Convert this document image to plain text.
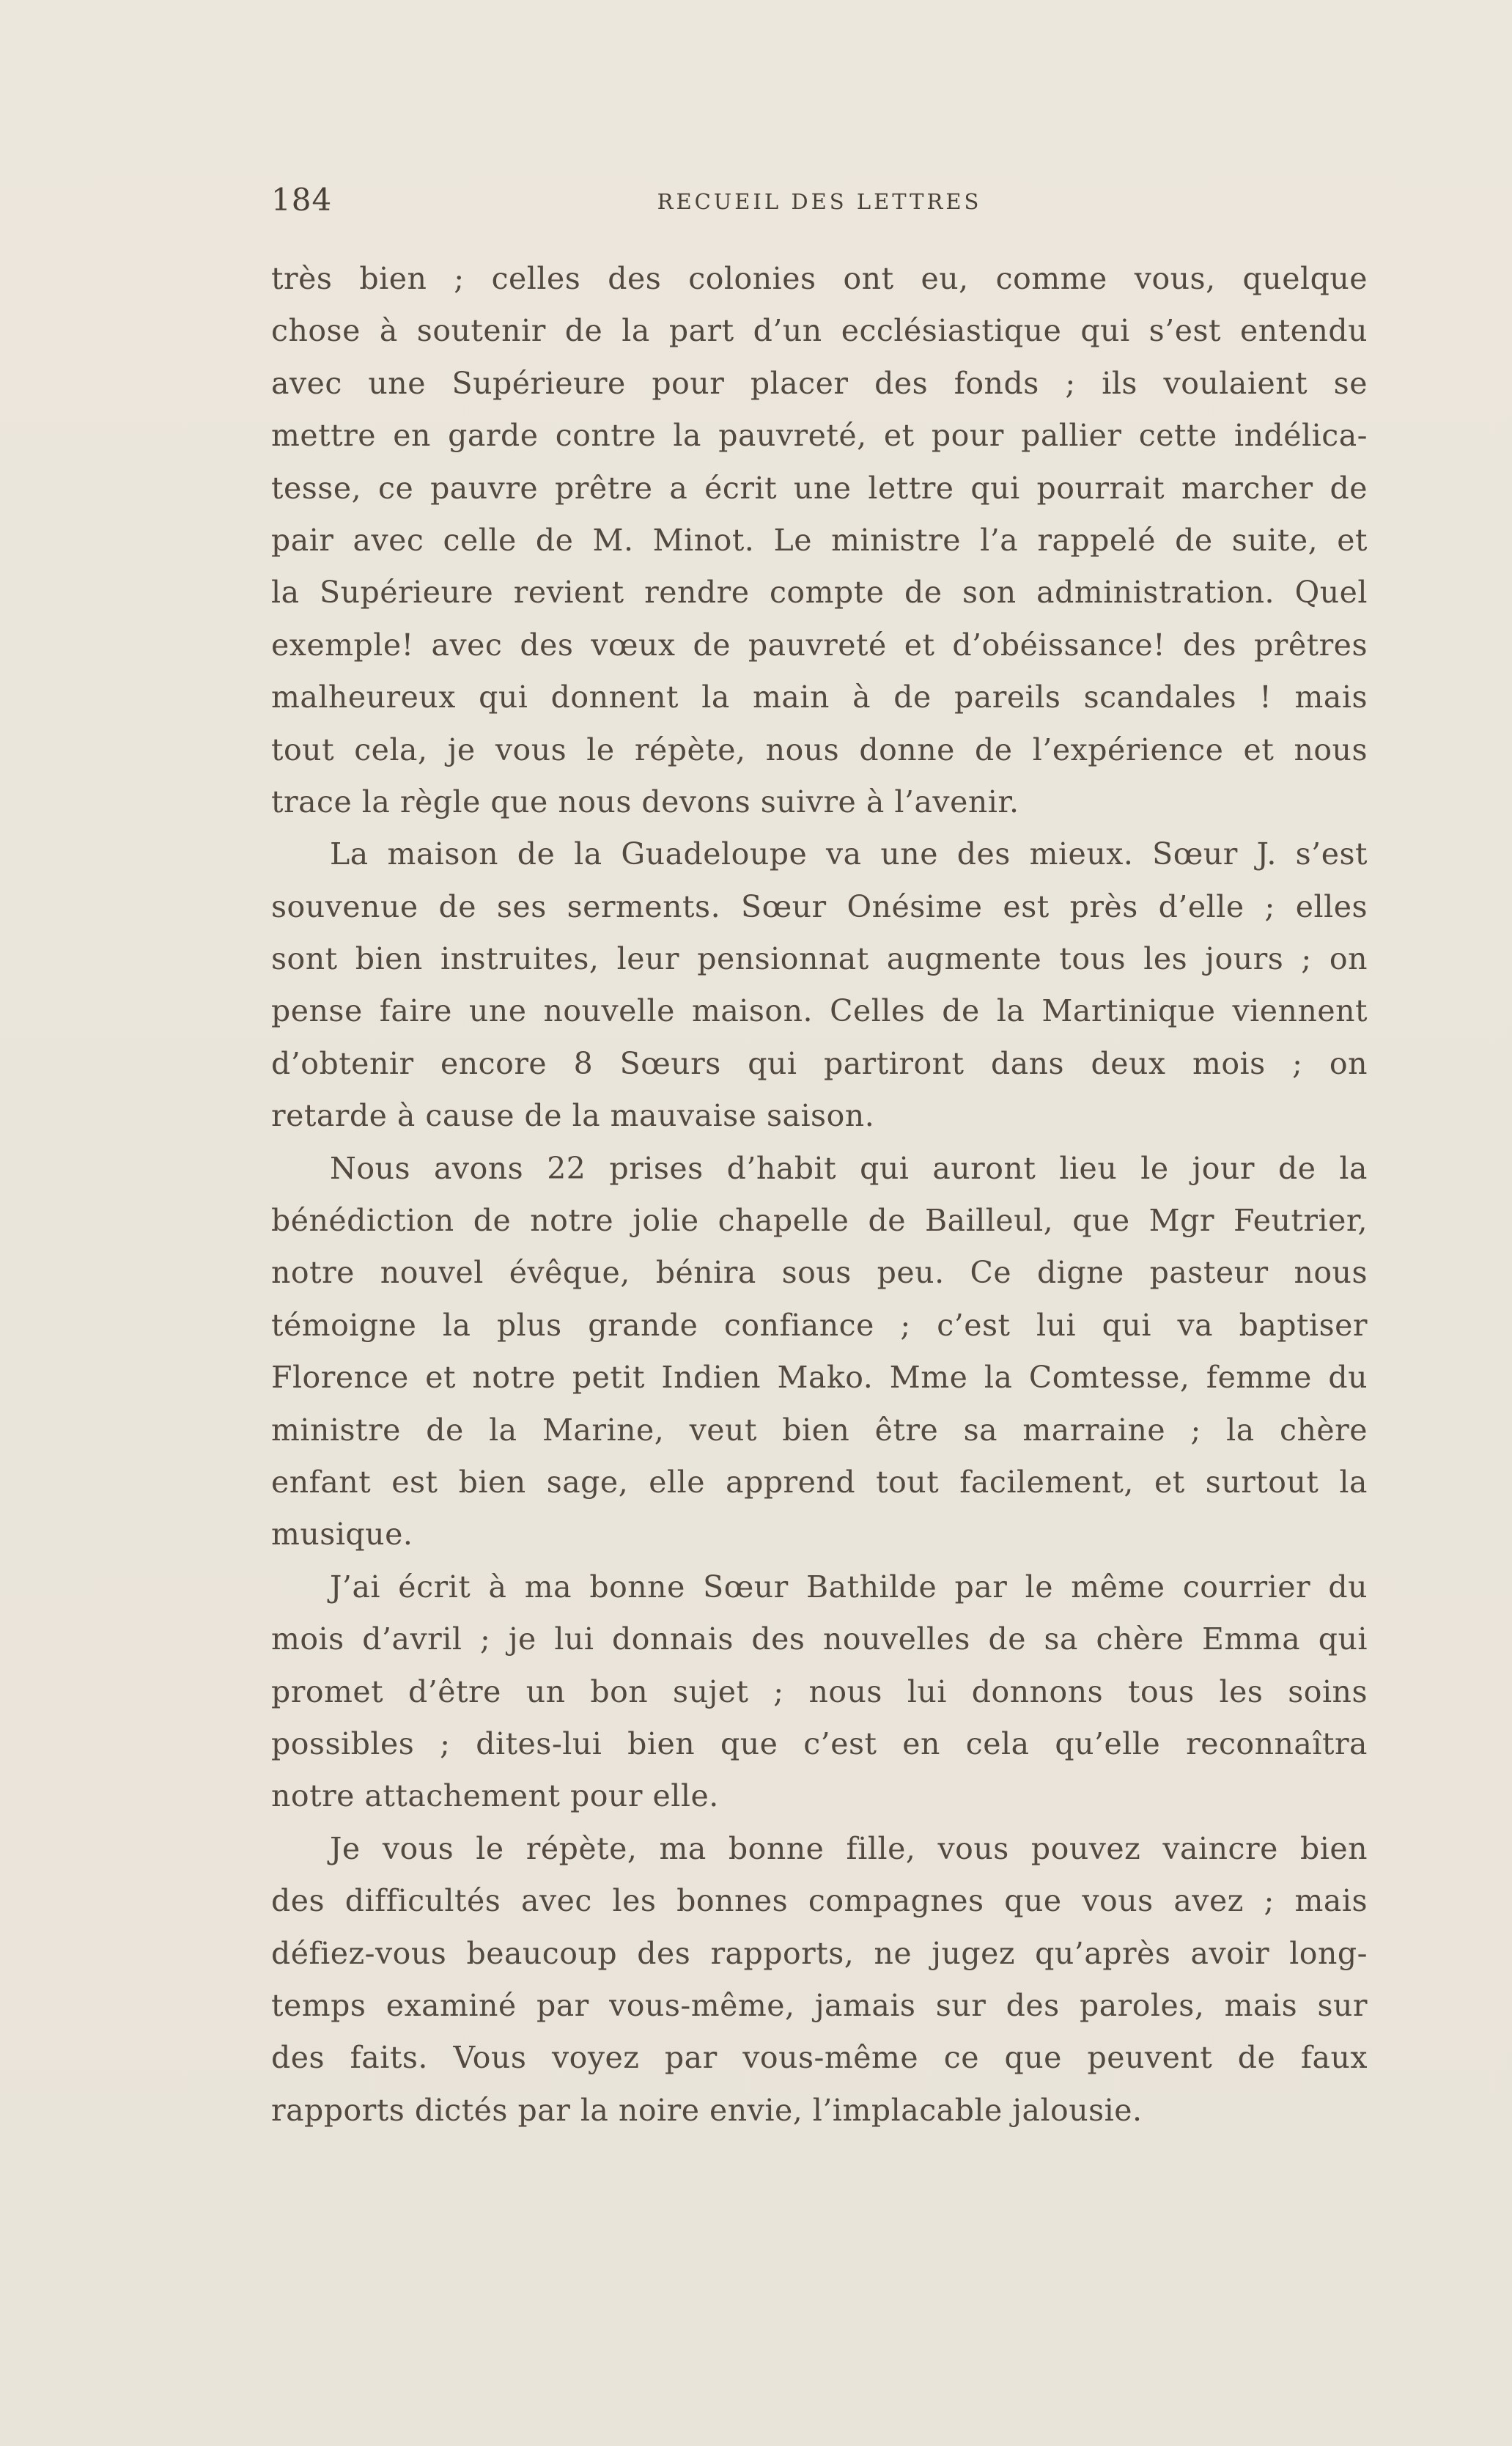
184	RECUEIL DES LETTRES
très bien ; celles des colonies ont eu, comme vous, quelque
chose à soutenir de la part d’un ecclésiastique qui s’est entendu
avec une Supérieure pour placer des fonds ; ils voulaient se
mettre en garde contre la pauvreté, et pour pallier cette indélica-
tesse, ce pauvre prêtre a écrit une lettre qui pourrait marcher de
pair avec celle de M. Minot. Le ministre l’a rappelé de suite, et
la Supérieure revient rendre compte de son administration. Quel
exemple! avec des vœux de pauvreté et d’obéissance! des prêtres
malheureux qui donnent la main à de pareils scandales ! mais
tout cela, je vous le répète, nous donne de l’expérience et nous
trace la règle que nous devons suivre à l’avenir.
La maison de la Guadeloupe va une des mieux. Sœur J. s’est
souvenue de ses serments. Sœur Onésime est près d’elle ; elles
sont bien instruites, leur pensionnat augmente tous les jours ; on
pense faire une nouvelle maison. Celles de la Martinique viennent
d’obtenir encore 8 Sœurs qui partiront dans deux mois ; on
retarde à cause de la mauvaise saison.
Nous avons 22 prises d’habit qui auront lieu le jour de la
bénédiction de notre jolie chapelle de Bailleul, que Mgr Feutrier,
notre nouvel évêque, bénira sous peu. Ce digne pasteur nous
témoigne la plus grande confiance ; c’est lui qui va baptiser
Florence et notre petit Indien Mako. Mme la Comtesse, femme du
ministre de la Marine, veut bien être sa marraine ; la chère
enfant est bien sage, elle apprend tout facilement, et surtout la
musique.
J’ai écrit à ma bonne Sœur Bathilde par le même courrier du
mois d’avril ; je lui donnais des nouvelles de sa chère Emma qui
promet d’être un bon sujet ; nous lui donnons tous les soins
possibles ; dites-lui bien que c’est en cela qu’elle reconnaîtra
notre attachement pour elle.
Je vous le répète, ma bonne fille, vous pouvez vaincre bien
des difficultés avec les bonnes compagnes que vous avez ; mais
défiez-vous beaucoup des rapports, ne jugez qu’après avoir long-
temps examiné par vous-même, jamais sur des paroles, mais sur
des faits. Vous voyez par vous-même ce que peuvent de faux
rapports dictés par la noire envie, l’implacable jalousie.
